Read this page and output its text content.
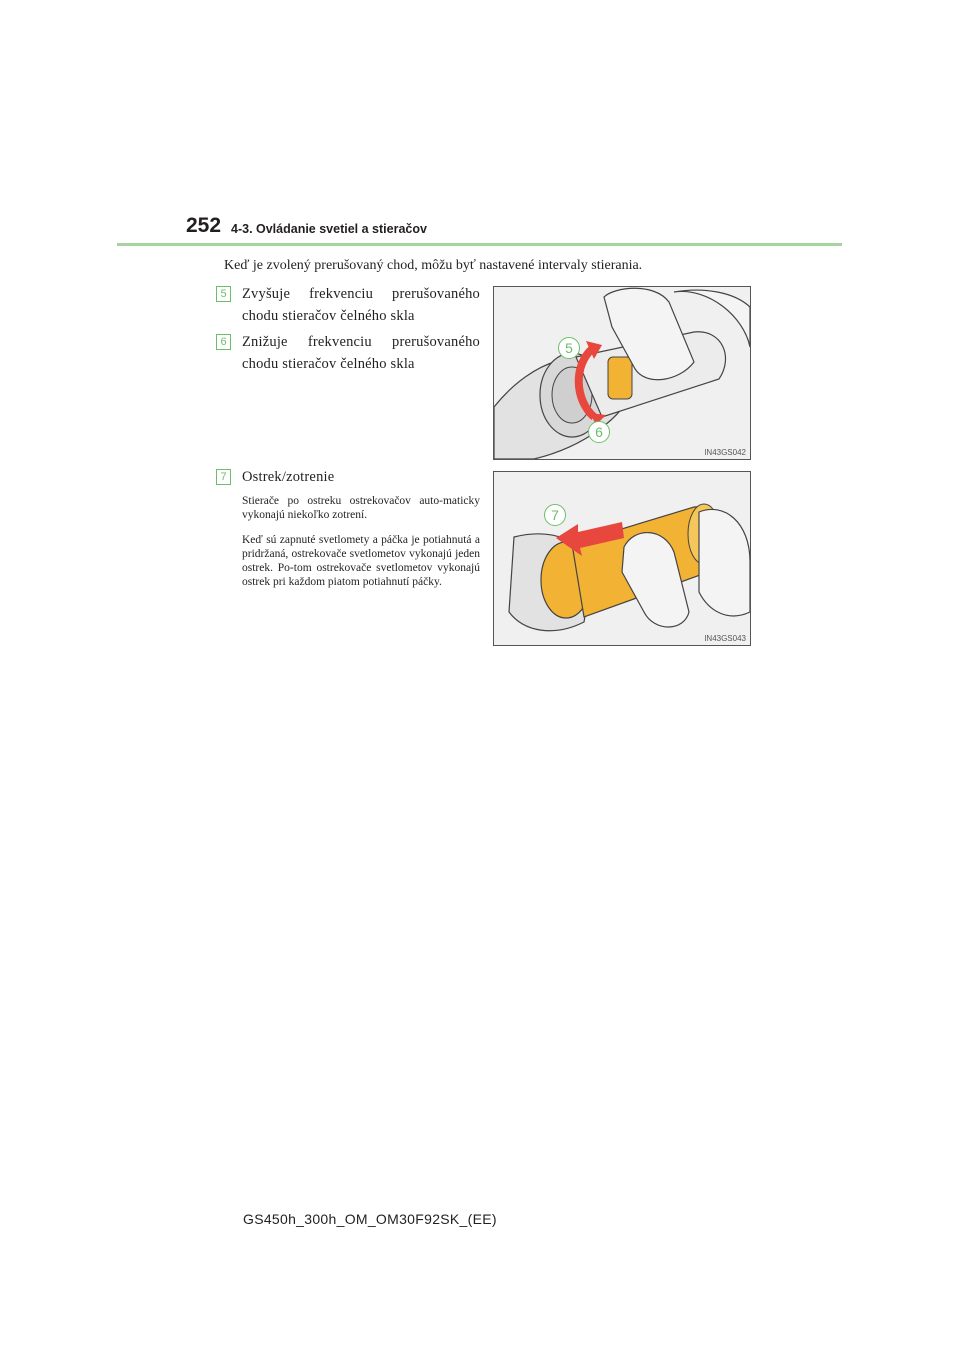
252 4-3. Ovládanie svetiel a stieračov
Keď je zvolený prerušovaný chod, môžu byť nastavené intervaly stierania.
5	Zvyšuje frekvenciu prerušovaného chodu stieračov čelného skla
6	Znižuje frekvenciu prerušovaného chodu stieračov čelného skla
7	Ostrek/zotrenie
Stierače po ostreku ostrekovačov auto-maticky vykonajú niekoľko zotrení.
Keď sú zapnuté svetlomety a páčka je potiahnutá a pridržaná, ostrekovače svetlometov vykonajú jeden ostrek. Po-tom ostrekovače svetlometov vykonajú ostrek pri každom piatom potiahnutí páčky.
5
6
IN43GS042
7
IN43GS043
GS450h_300h_OM_OM30F92SK_(EE)
